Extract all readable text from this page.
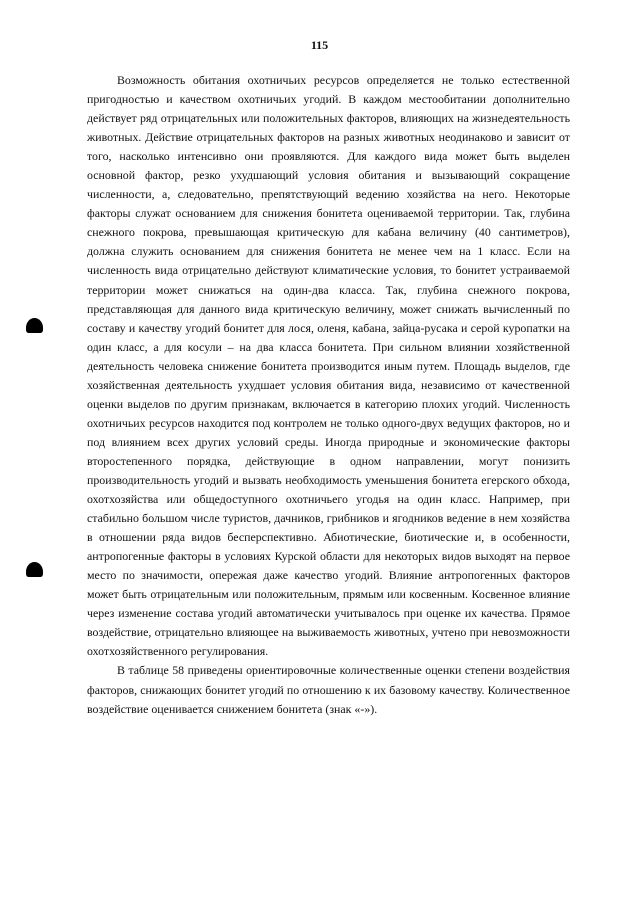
115

Возможность обитания охотничьих ресурсов определяется не только естественной пригодностью и качеством охотничьих угодий. В каждом местообитании дополнительно действует ряд отрицательных или положительных факторов, влияющих на жизнедеятельность животных. Действие отрицательных факторов на разных животных неодинаково и зависит от того, насколько интенсивно они проявляются. Для каждого вида может быть выделен основной фактор, резко ухудшающий условия обитания и вызывающий сокращение численности, а, следовательно, препятствующий ведению хозяйства на него. Некоторые факторы служат основанием для снижения бонитета оцениваемой территории. Так, глубина снежного покрова, превышающая критическую для кабана величину (40 сантиметров), должна служить основанием для снижения бонитета не менее чем на 1 класс. Если на численность вида отрицательно действуют климатические условия, то бонитет устраиваемой территории может снижаться на один-два класса. Так, глубина снежного покрова, представляющая для данного вида критическую величину, может снижать вычисленный по составу и качеству угодий бонитет для лося, оленя, кабана, зайца-русака и серой куропатки на один класс, а для косули – на два класса бонитета. При сильном влиянии хозяйственной деятельность человека снижение бонитета производится иным путем. Площадь выделов, где хозяйственная деятельность ухудшает условия обитания вида, независимо от качественной оценки выделов по другим признакам, включается в категорию плохих угодий. Численность охотничьих ресурсов находится под контролем не только одного-двух ведущих факторов, но и под влиянием всех других условий среды. Иногда природные и экономические факторы второстепенного порядка, действующие в одном направлении, могут понизить производительность угодий и вызвать необходимость уменьшения бонитета егерского обхода, охотхозяйства или общедоступного охотничьего угодья на один класс. Например, при стабильно большом числе туристов, дачников, грибников и ягодников ведение в нем хозяйства в отношении ряда видов бесперспективно. Абиотические, биотические и, в особенности, антропогенные факторы в условиях Курской области для некоторых видов выходят на первое место по значимости, опережая даже качество угодий. Влияние антропогенных факторов может быть отрицательным или положительным, прямым или косвенным. Косвенное влияние через изменение состава угодий автоматически учитывалось при оценке их качества. Прямое воздействие, отрицательно влияющее на выживаемость животных, учтено при невозможности охотхозяйственного регулирования.

В таблице 58 приведены ориентировочные количественные оценки степени воздействия факторов, снижающих бонитет угодий по отношению к их базовому качеству. Количественное воздействие оценивается снижением бонитета (знак «-»).
